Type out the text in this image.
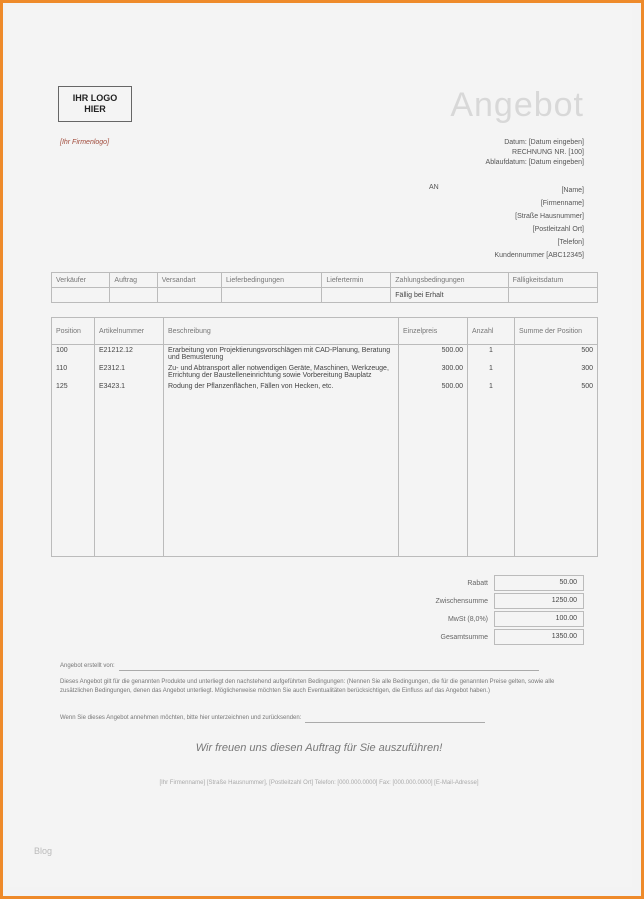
IHR LOGO
HIER	Angebot
[Ihr Firmenlogo]	Datum: [Datum eingeben]
RECHNUNG NR. [100]
Ablaufdatum: [Datum eingeben]
AN	[Name]
[Firmenname]
[Straße Hausnummer]
[Postleitzahl Ort]
[Telefon]
Kundennummer [ABC12345]
Verkäufer	Auftrag	Versandart	Lieferbedingungen	Liefertermin	Zahlungsbedingungen	Fälligkeitsdatum
					Fällig bei Erhalt	
Position	Artikelnummer	Beschreibung	Einzelpreis	Anzahl	Summe der Position
100	E21212.12	Erarbeitung von Projektierungsvorschlägen mit CAD-Planung, Beratung und Bemusterung	500.00	1	500
110	E2312.1	Zu- und Abtransport aller notwendigen Geräte, Maschinen, Werkzeuge, Errichtung der Baustelleneinrichtung sowie Vorbereitung Bauplatz	300.00	1	300
125	E3423.1	Rodung der Pflanzenflächen, Fällen von Hecken, etc.	500.00	1	500

Rabatt	50.00
Zwischensumme	1250.00
MwSt (8,0%)	100.00
Gesamtsumme	1350.00
Angebot erstellt von:
Dieses Angebot gilt für die genannten Produkte und unterliegt den nachstehend aufgeführten Bedingungen: (Nennen Sie alle Bedingungen, die für die genannten Preise gelten, sowie alle zusätzlichen Bedingungen, denen das Angebot unterliegt. Möglicherweise möchten Sie auch Eventualitäten berücksichtigen, die Einfluss auf das Angebot haben.)
Wenn Sie dieses Angebot annehmen möchten, bitte hier unterzeichnen und zurücksenden:
Wir freuen uns diesen Auftrag für Sie auszuführen!
[Ihr Firmenname] [Straße Hausnummer], [Postleitzahl Ort] Telefon: [000.000.0000] Fax: [000.000.0000] [E-Mail-Adresse]
Blog
